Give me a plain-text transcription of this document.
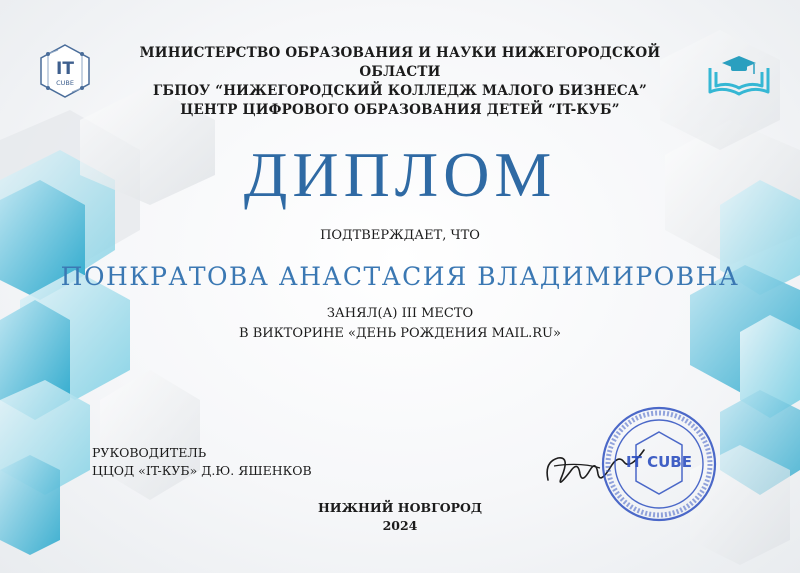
IT
CUBE
МИНИСТЕРСТВО ОБРАЗОВАНИЯ И НАУКИ НИЖЕГОРОДСКОЙ ОБЛАСТИ
ГБПОУ “НИЖЕГОРОДСКИЙ КОЛЛЕДЖ МАЛОГО БИЗНЕСА”
ЦЕНТР ЦИФРОВОГО ОБРАЗОВАНИЯ ДЕТЕЙ “IT-КУБ”
ДИПЛОМ
ПОДТВЕРЖДАЕТ, ЧТО
ПОНКРАТОВА АНАСТАСИЯ ВЛАДИМИРОВНА
ЗАНЯЛ(А) III МЕСТО
В ВИКТОРИНЕ «ДЕНЬ РОЖДЕНИЯ MAIL.RU»
РУКОВОДИТЕЛЬ
ЦЦОД «IT-КУБ» Д.Ю. ЯШЕНКОВ	IT CUBE
НИЖНИЙ НОВГОРОД
2024
